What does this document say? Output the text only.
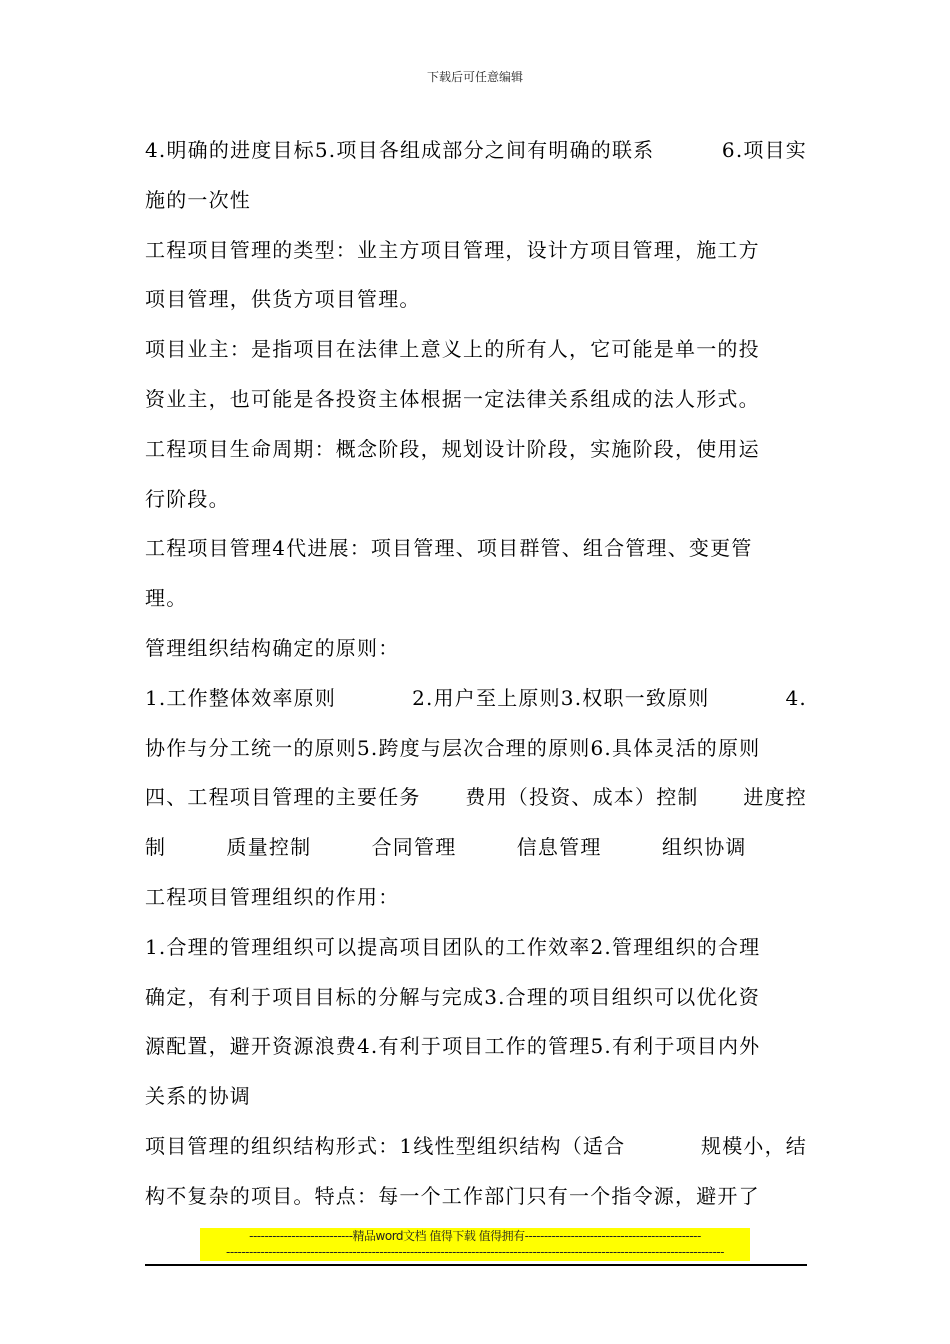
下载后可任意编辑
4.明确的进度目标5.项目各组成部分之间有明确的联系	6.项目实
施的一次性
工程项目管理的类型：业主方项目管理，设计方项目管理，施工方
项目管理，供货方项目管理。
项目业主：是指项目在法律上意义上的所有人，它可能是单一的投
资业主，也可能是各投资主体根据一定法律关系组成的法人形式。
工程项目生命周期：概念阶段，规划设计阶段，实施阶段，使用运
行阶段。
工程项目管理4代进展：项目管理、项目群管、组合管理、变更管
理。
管理组织结构确定的原则：
1.工作整体效率原则	2.用户至上原则3.权职一致原则	4.
协作与分工统一的原则5.跨度与层次合理的原则6.具体灵活的原则
四、工程项目管理的主要任务 费用（投资、成本）控制 进度控
制	质量控制	合同管理	信息管理	组织协调
工程项目管理组织的作用：
1.合理的管理组织可以提高项目团队的工作效率2.管理组织的合理
确定，有利于项目目标的分解与完成3.合理的项目组织可以优化资
源配置，避开资源浪费4.有利于项目工作的管理5.有利于项目内外
关系的协调
项目管理的组织结构形式：1线性型组织结构（适合	规模小，结
构不复杂的项目。特点：每一个工作部门只有一个指令源，避开了
---------------------------精品word文档 值得下载 值得拥有----------------------------------------------
----------------------------------------------------------------------------------------------------------------------------------
